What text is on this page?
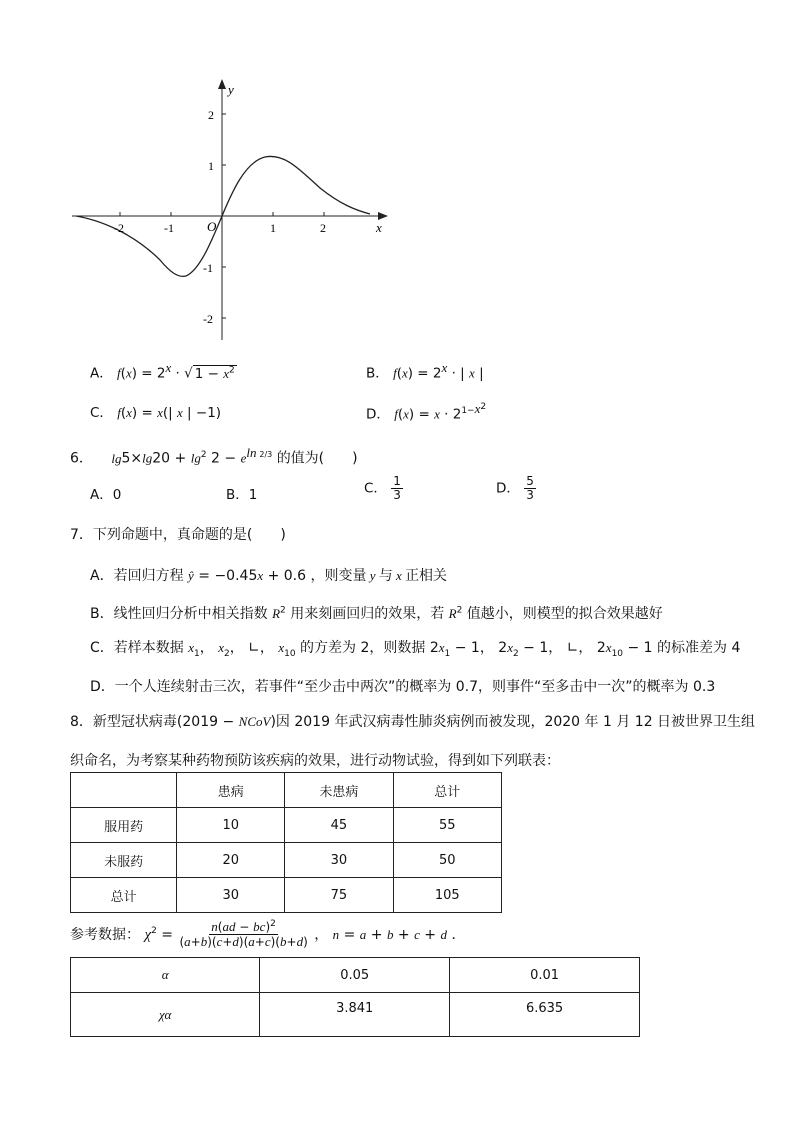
y
x
O
-2	-1	1	2
2
1
-1
-2
A． $f(x) = 2^x$ · √ $1 - x^2$	B． $f(x) = 2^x$ · | x |
C． f(x) = x(| x | −1)	D． $f(x) = x \cdot 2^{1-x^2}$
6． $\lg 5\times\lg 20 + \lg^2 2 - e^{ln 2/3}$ 的值为(　　)
A．0	B．1	C． $\frac{1}{3}$	D． $\frac{5}{3}$
7．下列命题中，真命题的是(　　)
A．若回归方程 ŷ = −0.45x + 0.6 ，则变量 y 与 x 正相关
B．线性回归分析中相关指数 $R^2$ 用来刻画回归的效果，若 $R^2$ 值越小，则模型的拟合效果越好
C．若样本数据 $x_1$， $x_2$， ∟， $x_{10}$ 的方差为 2，则数据 $2x_1 - 1$， $2x_2 - 1$， ∟， $2x_{10} - 1$ 的标准差为 4
D．一个人连续射击三次，若事件“至少击中两次”的概率为 0.7，则事件“至多击中一次”的概率为 0.3
8．新型冠状病毒(2019 − NCoV)因 2019 年武汉病毒性肺炎病例而被发现，2020 年 1 月 12 日被世界卫生组
织命名，为考察某种药物预防该疾病的效果，进行动物试验，得到如下列联表：
	患病	未患病	总计
服用药	10	45	55
未服药	20	30	50
总计	30	75	105
参考数据： $\chi^2 = \frac{n(ad - bc)^2}{(a+b)(c+d)(a+c)(b+d)}$ ， n = a + b + c + d ．
α	0.05	0.01
χα	3.841	6.635
